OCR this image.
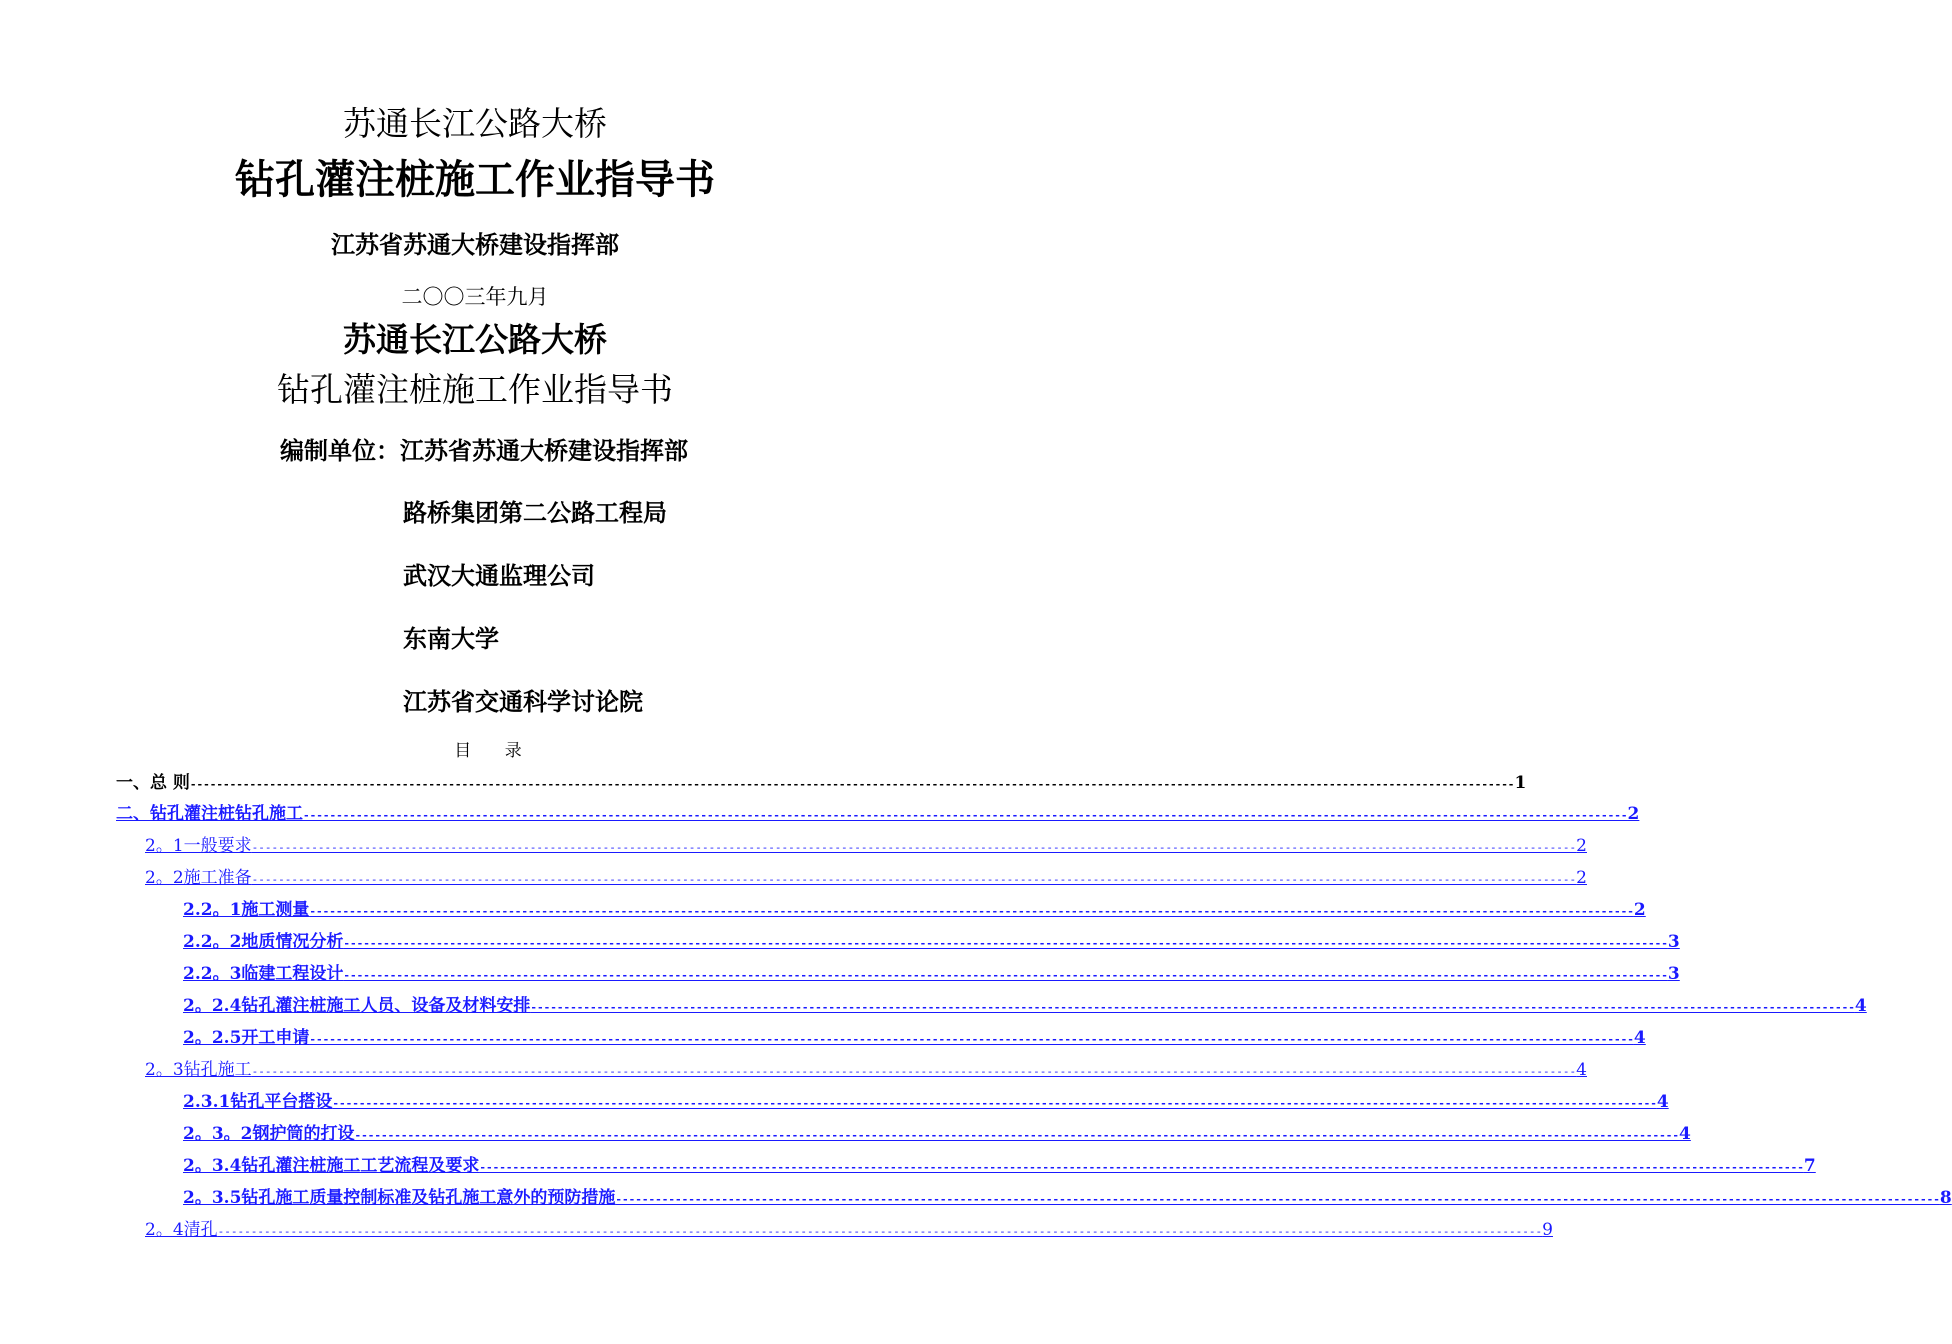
苏通长江公路大桥
钻孔灌注桩施工作业指导书
江苏省苏通大桥建设指挥部
二〇〇三年九月
苏通长江公路大桥
钻孔灌注桩施工作业指导书
编制单位：江苏省苏通大桥建设指挥部
路桥集团第二公路工程局
武汉大通监理公司
东南大学
江苏省交通科学讨论院
目 录
一、总 则 -------------------------------------------------------------------------------------------------------------------------------------------------------------------------------------------------------- 1
二、钻孔灌注桩钻孔施工 -------------------------------------------------------------------------------------------------------------------------------------------------------------------------------------------------------- 2
2。1一般要求 -------------------------------------------------------------------------------------------------------------------------------------------------------------------------------------------------------- 2
2。2施工准备 -------------------------------------------------------------------------------------------------------------------------------------------------------------------------------------------------------- 2
2.2。1施工测量 -------------------------------------------------------------------------------------------------------------------------------------------------------------------------------------------------------- 2
2.2。2地质情况分析 -------------------------------------------------------------------------------------------------------------------------------------------------------------------------------------------------------- 3
2.2。3临建工程设计 -------------------------------------------------------------------------------------------------------------------------------------------------------------------------------------------------------- 3
2。2.4钻孔灌注桩施工人员、设备及材料安排 -------------------------------------------------------------------------------------------------------------------------------------------------------------------------------------------------------- 4
2。2.5开工申请 -------------------------------------------------------------------------------------------------------------------------------------------------------------------------------------------------------- 4
2。3钻孔施工 -------------------------------------------------------------------------------------------------------------------------------------------------------------------------------------------------------- 4
2.3.1钻孔平台搭设 -------------------------------------------------------------------------------------------------------------------------------------------------------------------------------------------------------- 4
2。3。2钢护筒的打设 -------------------------------------------------------------------------------------------------------------------------------------------------------------------------------------------------------- 4
2。3.4钻孔灌注桩施工工艺流程及要求 -------------------------------------------------------------------------------------------------------------------------------------------------------------------------------------------------------- 7
2。3.5钻孔施工质量控制标准及钻孔施工意外的预防措施 -------------------------------------------------------------------------------------------------------------------------------------------------------------------------------------------------------- 8
2。4清孔 -------------------------------------------------------------------------------------------------------------------------------------------------------------------------------------------------------- 9
